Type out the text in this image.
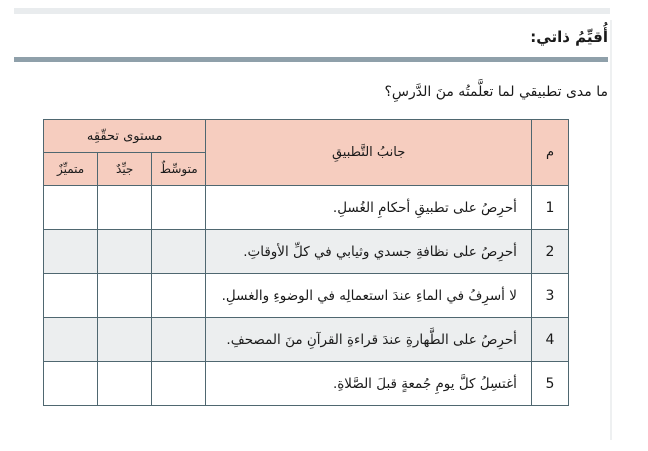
أُقيِّمُ ذاتي:
ما مدى تطبيقي لما تعلَّمتُه منَ الدَّرسِ؟
م	جانبُ التَّطبيقِ	مستوى تحقّقِه		
		متوسِّطٌ	جيِّدٌ	متميِّزٌ
1	أحرِصُ على تطبيقِ أحكامِ الغُسلِ.			
2	أحرِصُ على نظافةِ جسدي وثيابي في كلِّ الأوقاتِ.			
3	لا أسرِفُ في الماءِ عندَ استعمالِه في الوضوءِ والغسلِ.			
4	أحرِصُ على الطَّهارةِ عندَ قراءةِ القرآنِ منَ المصحفِ.			
5	أغتسِلُ كلَّ يومِ جُمعةٍ قبلَ الصَّلاةِ.			
